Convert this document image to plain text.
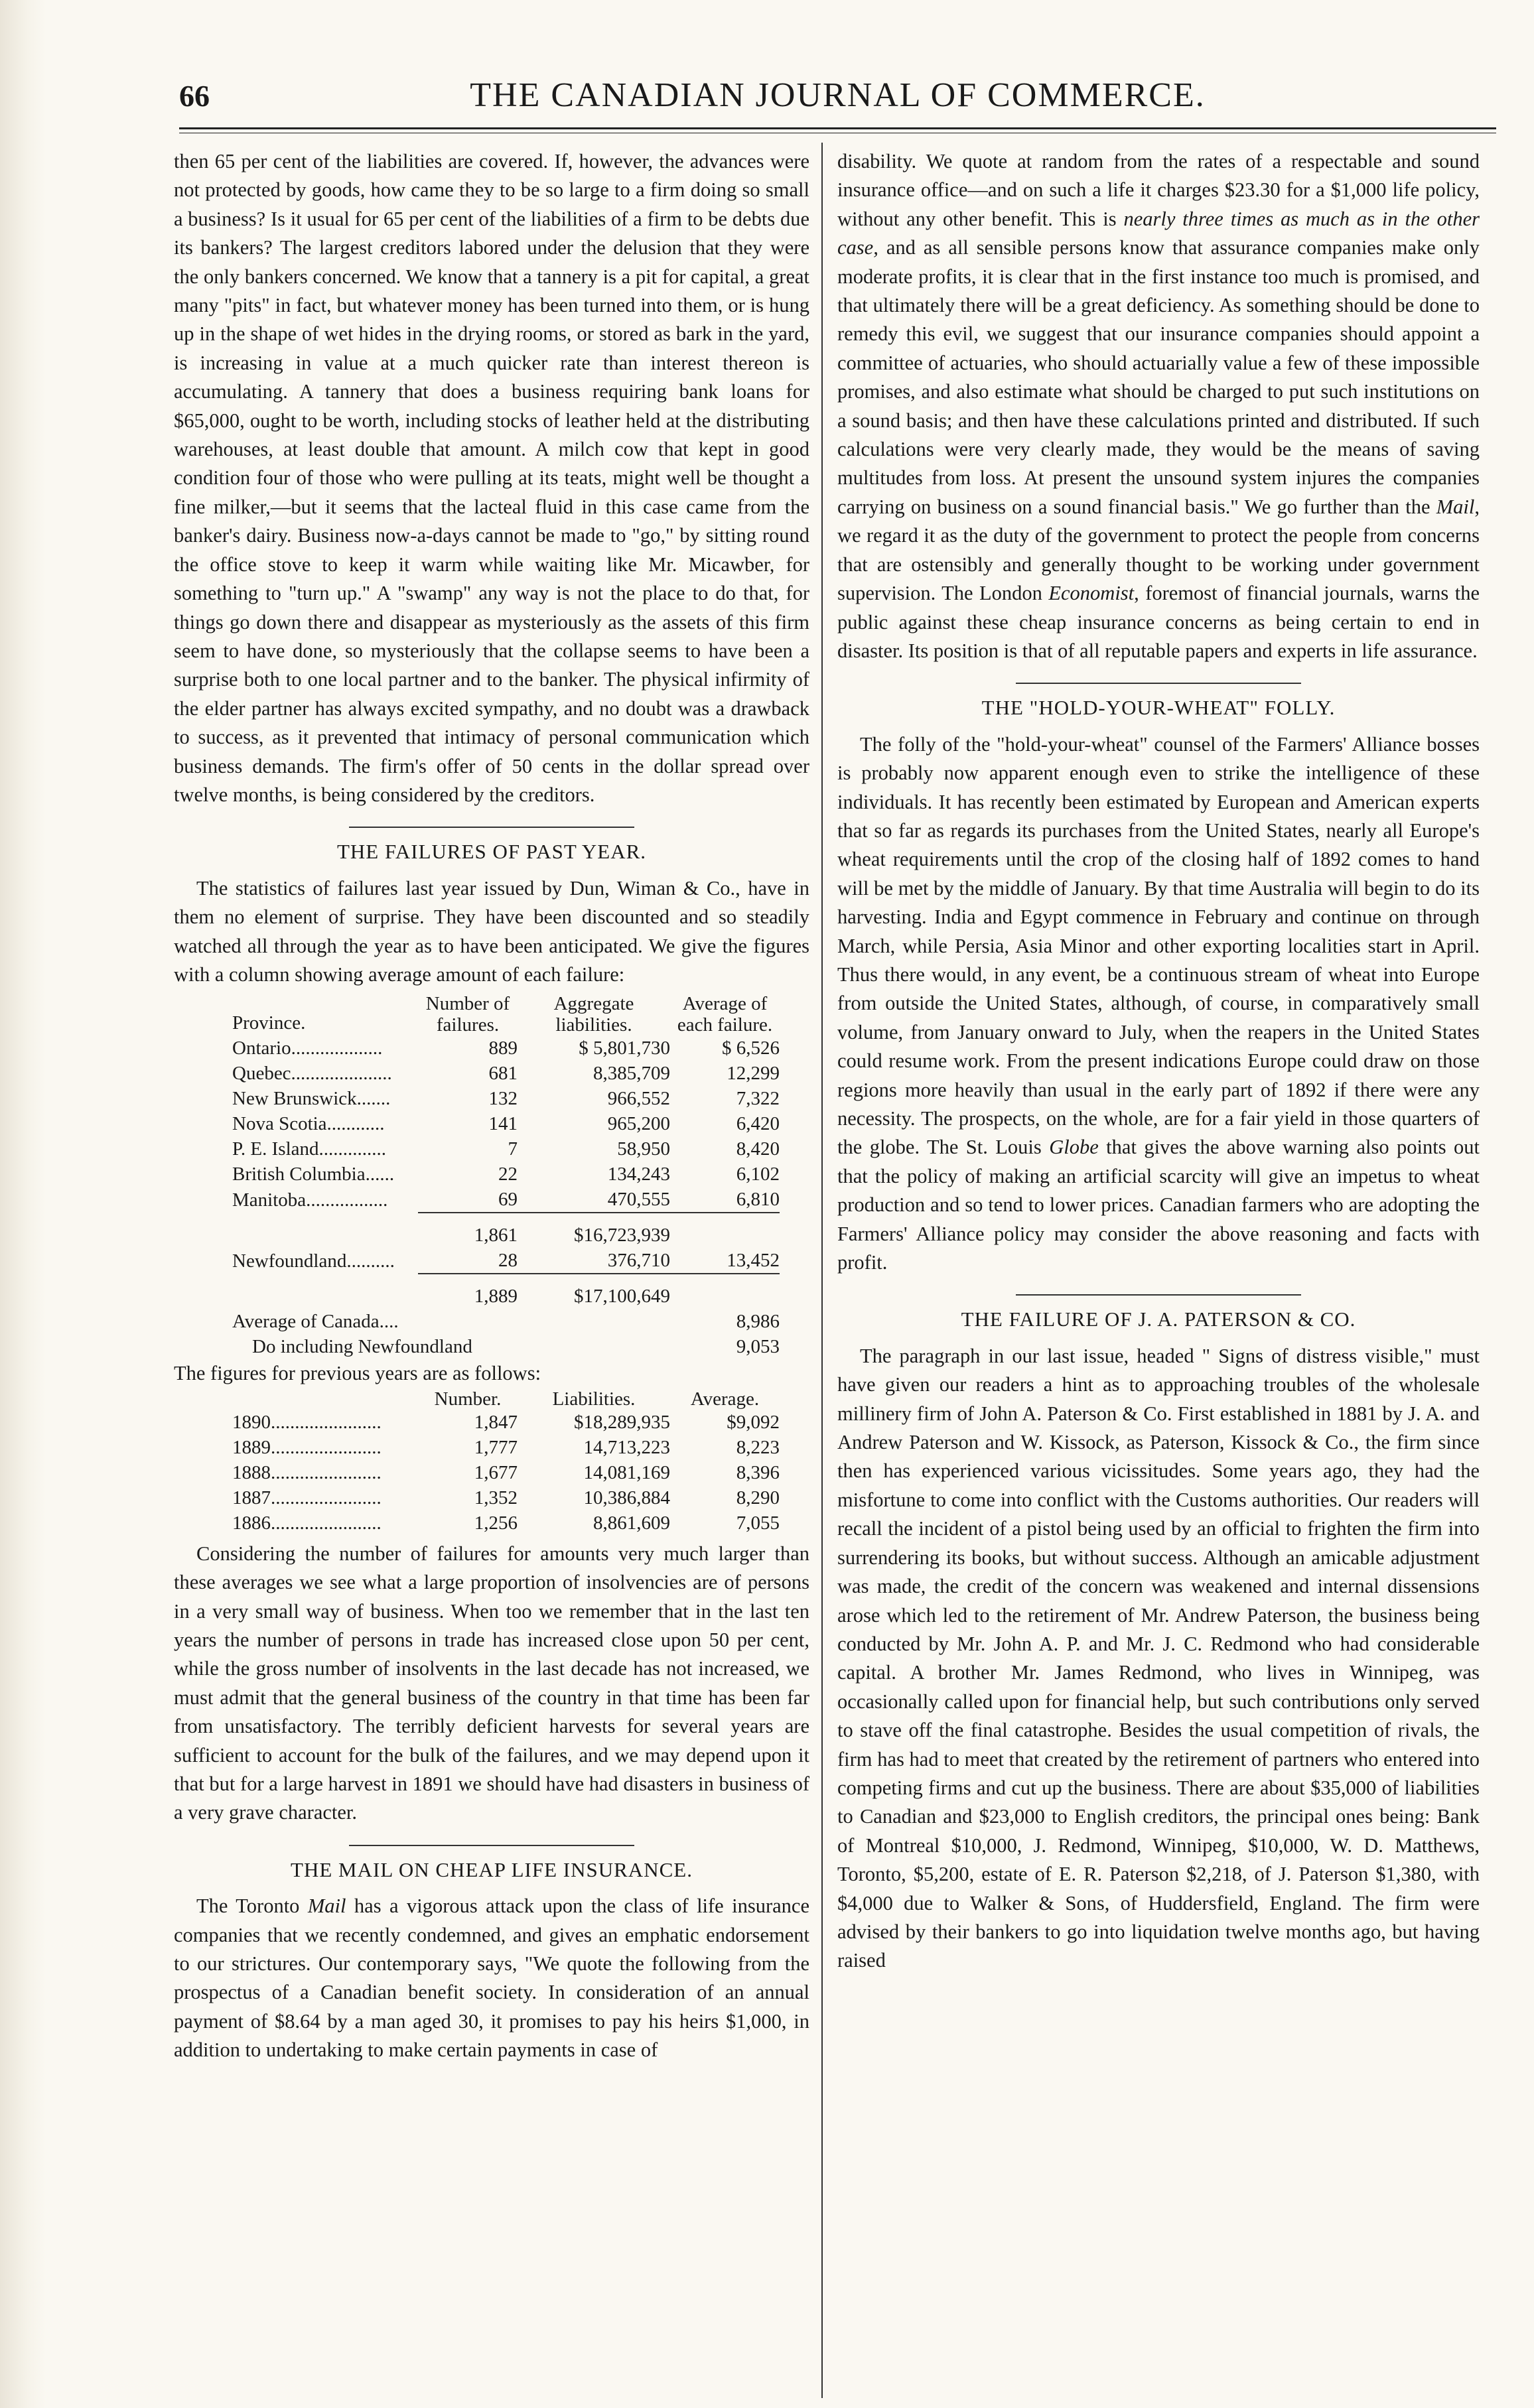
66	THE CANADIAN JOURNAL OF COMMERCE.

then 65 per cent of the liabilities are covered. If, however, the advances were not protected by goods, how came they to be so large to a firm doing so small a business? Is it usual for 65 per cent of the liabilities of a firm to be debts due its bankers? The largest creditors labored under the delusion that they were the only bankers concerned. We know that a tannery is a pit for capital, a great many "pits" in fact, but whatever money has been turned into them, or is hung up in the shape of wet hides in the drying rooms, or stored as bark in the yard, is increasing in value at a much quicker rate than interest thereon is accumulating. A tannery that does a business requiring bank loans for $65,000, ought to be worth, including stocks of leather held at the distributing warehouses, at least double that amount. A milch cow that kept in good condition four of those who were pulling at its teats, might well be thought a fine milker,—but it seems that the lacteal fluid in this case came from the banker's dairy. Business now-a-days cannot be made to "go," by sitting round the office stove to keep it warm while waiting like Mr. Micawber, for something to "turn up." A "swamp" any way is not the place to do that, for things go down there and disappear as mysteriously as the assets of this firm seem to have done, so mysteriously that the collapse seems to have been a surprise both to one local partner and to the banker. The physical infirmity of the elder partner has always excited sympathy, and no doubt was a drawback to success, as it prevented that intimacy of personal communication which business demands. The firm's offer of 50 cents in the dollar spread over twelve months, is being considered by the creditors.

THE FAILURES OF PAST YEAR.

The statistics of failures last year issued by Dun, Wiman & Co., have in them no element of surprise. They have been discounted and so steadily watched all through the year as to have been anticipated. We give the figures with a column showing average amount of each failure:

Province.	Number of failures.	Aggregate liabilities.	Average of each failure.
Ontario...................	889	$ 5,801,730	$ 6,526
Quebec.....................	681	8,385,709	12,299
New Brunswick.......	132	966,552	7,322
Nova Scotia............	141	965,200	6,420
P. E. Island..............	7	58,950	8,420
British Columbia......	22	134,243	6,102
Manitoba.................	69	470,555	6,810
	1,861	$16,723,939	
Newfoundland..........	28	376,710	13,452
	1,889	$17,100,649	
Average of Canada....			8,986
Do including Newfoundland			9,053

The figures for previous years are as follows:

	Number.	Liabilities.	Average.
1890.......................	1,847	$18,289,935	$9,092
1889.......................	1,777	14,713,223	8,223
1888.......................	1,677	14,081,169	8,396
1887.......................	1,352	10,386,884	8,290
1886.......................	1,256	8,861,609	7,055

Considering the number of failures for amounts very much larger than these averages we see what a large proportion of insolvencies are of persons in a very small way of business. When too we remember that in the last ten years the number of persons in trade has increased close upon 50 per cent, while the gross number of insolvents in the last decade has not increased, we must admit that the general business of the country in that time has been far from unsatisfactory. The terribly deficient harvests for several years are sufficient to account for the bulk of the failures, and we may depend upon it that but for a large harvest in 1891 we should have had disasters in business of a very grave character.

THE MAIL ON CHEAP LIFE INSURANCE.

The Toronto Mail has a vigorous attack upon the class of life insurance companies that we recently condemned, and gives an emphatic endorsement to our strictures. Our contemporary says, "We quote the following from the prospectus of a Canadian benefit society. In consideration of an annual payment of $8.64 by a man aged 30, it promises to pay his heirs $1,000, in addition to undertaking to make certain payments in case of

disability. We quote at random from the rates of a respectable and sound insurance office—and on such a life it charges $23.30 for a $1,000 life policy, without any other benefit. This is nearly three times as much as in the other case, and as all sensible persons know that assurance companies make only moderate profits, it is clear that in the first instance too much is promised, and that ultimately there will be a great deficiency. As something should be done to remedy this evil, we suggest that our insurance companies should appoint a committee of actuaries, who should actuarially value a few of these impossible promises, and also estimate what should be charged to put such institutions on a sound basis; and then have these calculations printed and distributed. If such calculations were very clearly made, they would be the means of saving multitudes from loss. At present the unsound system injures the companies carrying on business on a sound financial basis." We go further than the Mail, we regard it as the duty of the government to protect the people from concerns that are ostensibly and generally thought to be working under government supervision. The London Economist, foremost of financial journals, warns the public against these cheap insurance concerns as being certain to end in disaster. Its position is that of all reputable papers and experts in life assurance.

THE "HOLD-YOUR-WHEAT" FOLLY.

The folly of the "hold-your-wheat" counsel of the Farmers' Alliance bosses is probably now apparent enough even to strike the intelligence of these individuals. It has recently been estimated by European and American experts that so far as regards its purchases from the United States, nearly all Europe's wheat requirements until the crop of the closing half of 1892 comes to hand will be met by the middle of January. By that time Australia will begin to do its harvesting. India and Egypt commence in February and continue on through March, while Persia, Asia Minor and other exporting localities start in April. Thus there would, in any event, be a continuous stream of wheat into Europe from outside the United States, although, of course, in comparatively small volume, from January onward to July, when the reapers in the United States could resume work. From the present indications Europe could draw on those regions more heavily than usual in the early part of 1892 if there were any necessity. The prospects, on the whole, are for a fair yield in those quarters of the globe. The St. Louis Globe that gives the above warning also points out that the policy of making an artificial scarcity will give an impetus to wheat production and so tend to lower prices. Canadian farmers who are adopting the Farmers' Alliance policy may consider the above reasoning and facts with profit.

THE FAILURE OF J. A. PATERSON & CO.

The paragraph in our last issue, headed " Signs of distress visible," must have given our readers a hint as to approaching troubles of the wholesale millinery firm of John A. Paterson & Co. First established in 1881 by J. A. and Andrew Paterson and W. Kissock, as Paterson, Kissock & Co., the firm since then has experienced various vicissitudes. Some years ago, they had the misfortune to come into conflict with the Customs authorities. Our readers will recall the incident of a pistol being used by an official to frighten the firm into surrendering its books, but without success. Although an amicable adjustment was made, the credit of the concern was weakened and internal dissensions arose which led to the retirement of Mr. Andrew Paterson, the business being conducted by Mr. John A. P. and Mr. J. C. Redmond who had considerable capital. A brother Mr. James Redmond, who lives in Winnipeg, was occasionally called upon for financial help, but such contributions only served to stave off the final catastrophe. Besides the usual competition of rivals, the firm has had to meet that created by the retirement of partners who entered into competing firms and cut up the business. There are about $35,000 of liabilities to Canadian and $23,000 to English creditors, the principal ones being: Bank of Montreal $10,000, J. Redmond, Winnipeg, $10,000, W. D. Matthews, Toronto, $5,200, estate of E. R. Paterson $2,218, of J. Paterson $1,380, with $4,000 due to Walker & Sons, of Huddersfield, England. The firm were advised by their bankers to go into liquidation twelve months ago, but having raised
